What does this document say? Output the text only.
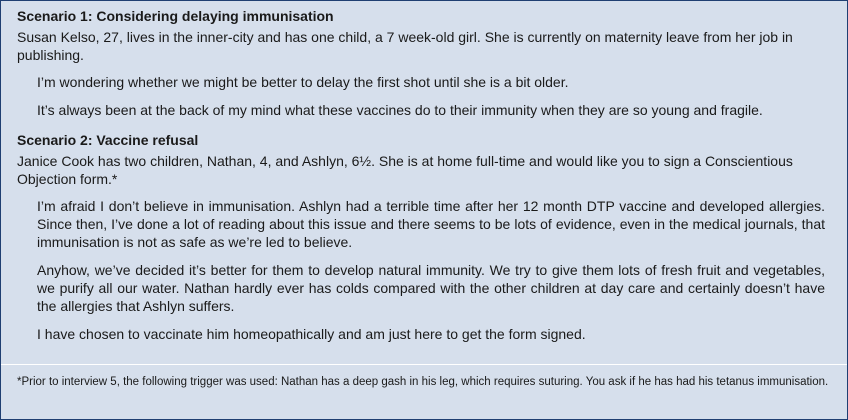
Scenario 1: Considering delaying immunisation
Susan Kelso, 27, lives in the inner-city and has one child, a 7 week-old girl. She is currently on maternity leave from her job in publishing.
I’m wondering whether we might be better to delay the first shot until she is a bit older.
It’s always been at the back of my mind what these vaccines do to their immunity when they are so young and fragile.
Scenario 2: Vaccine refusal
Janice Cook has two children, Nathan, 4, and Ashlyn, 6½. She is at home full-time and would like you to sign a Conscientious Objection form.*
I’m afraid I don’t believe in immunisation. Ashlyn had a terrible time after her 12 month DTP vaccine and developed allergies. Since then, I’ve done a lot of reading about this issue and there seems to be lots of evidence, even in the medical journals, that immunisation is not as safe as we’re led to believe.
Anyhow, we’ve decided it’s better for them to develop natural immunity. We try to give them lots of fresh fruit and vegetables, we purify all our water. Nathan hardly ever has colds compared with the other children at day care and certainly doesn’t have the allergies that Ashlyn suffers.
I have chosen to vaccinate him homeopathically and am just here to get the form signed.
*Prior to interview 5, the following trigger was used: Nathan has a deep gash in his leg, which requires suturing. You ask if he has had his tetanus immunisation.
